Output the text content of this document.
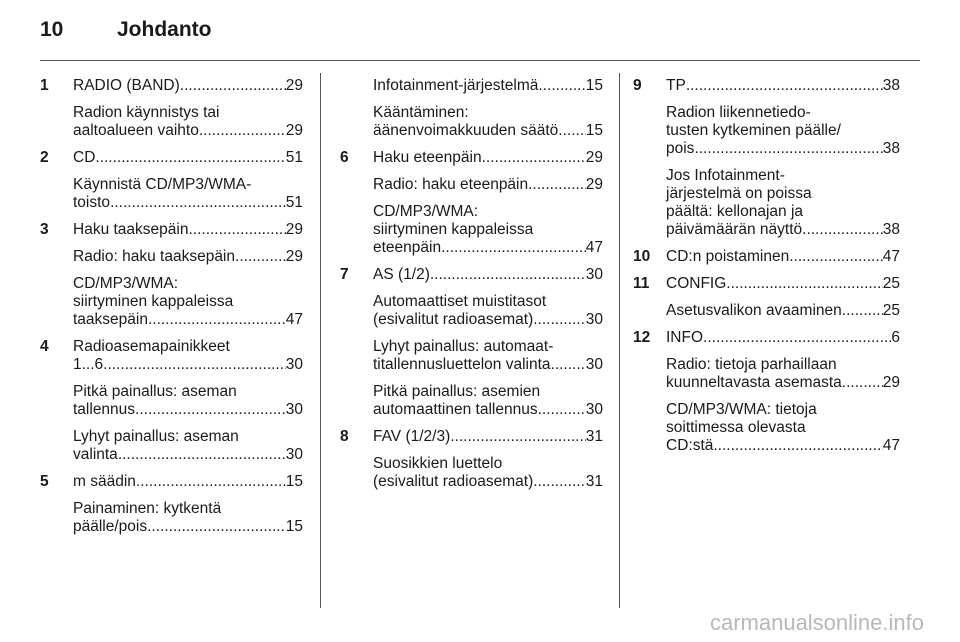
10	Johdanto
1	RADIO (BAND) .....	29
Radion käynnistys tai
aaltoalueen vaihto .....	29
2	CD .....	51
Käynnistä CD/MP3/WMA-
toisto .....	51
3	Haku taaksepäin .....	29
Radio: haku taaksepäin .....	29
CD/MP3/WMA:
siirtyminen kappaleissa
taaksepäin .....	47
4	Radioasemapainikkeet
1...6 .....	30
Pitkä painallus: aseman
tallennus .....	30
Lyhyt painallus: aseman
valinta .....	30
5	m säädin .....	15
Painaminen: kytkentä
päälle/pois .....	15
Infotainment-järjestelmä .....	15
Kääntäminen:
äänenvoimakkuuden säätö ..... 15
6	Haku eteenpäin .....	29
Radio: haku eteenpäin .....	29
CD/MP3/WMA:
siirtyminen kappaleissa
eteenpäin .....	47
7	AS (1/2) .....	30
Automaattiset muistitasot
(esivalitut radioasemat) .....	30
Lyhyt painallus: automaat-
titallennusluettelon valinta ..... 30
Pitkä painallus: asemien
automaattinen tallennus .....	30
8	FAV (1/2/3) .....	31
Suosikkien luettelo
(esivalitut radioasemat) .....	31
9	TP .....	38
Radion liikennetiedo-
tusten kytkeminen päälle/
pois .....	38
Jos Infotainment-
järjestelmä on poissa
päältä: kellonajan ja
päivämäärän näyttö .....	38
10	CD:n poistaminen .....	47
11	CONFIG .....	25
Asetusvalikon avaaminen .....	25
12	INFO .....	6
Radio: tietoja parhaillaan
kuunneltavasta asemasta .....	29
CD/MP3/WMA: tietoja
soittimessa olevasta
CD:stä .....	47
carmanualsonline.info
